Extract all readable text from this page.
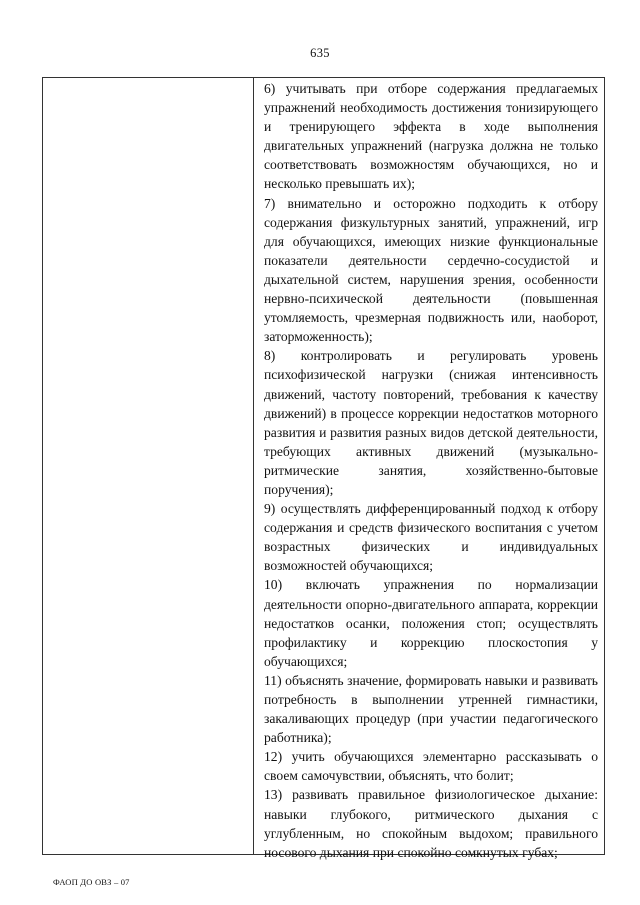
635

6) учитывать при отборе содержания предлагаемых упражнений необходимость достижения тонизирующего и тренирующего эффекта в ходе выполнения двигательных упражнений (нагрузка должна не только соответствовать возможностям обучающихся, но и несколько превышать их);

7) внимательно и осторожно подходить к отбору содержания физкультурных занятий, упражнений, игр для обучающихся, имеющих низкие функциональные показатели деятельности сердечно-сосудистой и дыхательной систем, нарушения зрения, особенности нервно-психической деятельности (повышенная утомляемость, чрезмерная подвижность или, наоборот, заторможенность);

8) контролировать и регулировать уровень психофизической нагрузки (снижая интенсивность движений, частоту повторений, требования к качеству движений) в процессе коррекции недостатков моторного развития и развития разных видов детской деятельности, требующих активных движений (музыкально-ритмические занятия, хозяйственно-бытовые поручения);

9) осуществлять дифференцированный подход к отбору содержания и средств физического воспитания с учетом возрастных физических и индивидуальных возможностей обучающихся;

10) включать упражнения по нормализации деятельности опорно-двигательного аппарата, коррекции недостатков осанки, положения стоп; осуществлять профилактику и коррекцию плоскостопия у обучающихся;

11) объяснять значение, формировать навыки и развивать потребность в выполнении утренней гимнастики, закаливающих процедур (при участии педагогического работника);

12) учить обучающихся элементарно рассказывать о своем самочувствии, объяснять, что болит;

13) развивать правильное физиологическое дыхание: навыки глубокого, ритмического дыхания с углубленным, но спокойным выдохом; правильного носового дыхания при спокойно сомкнутых губах;

ФАОП ДО ОВЗ – 07
